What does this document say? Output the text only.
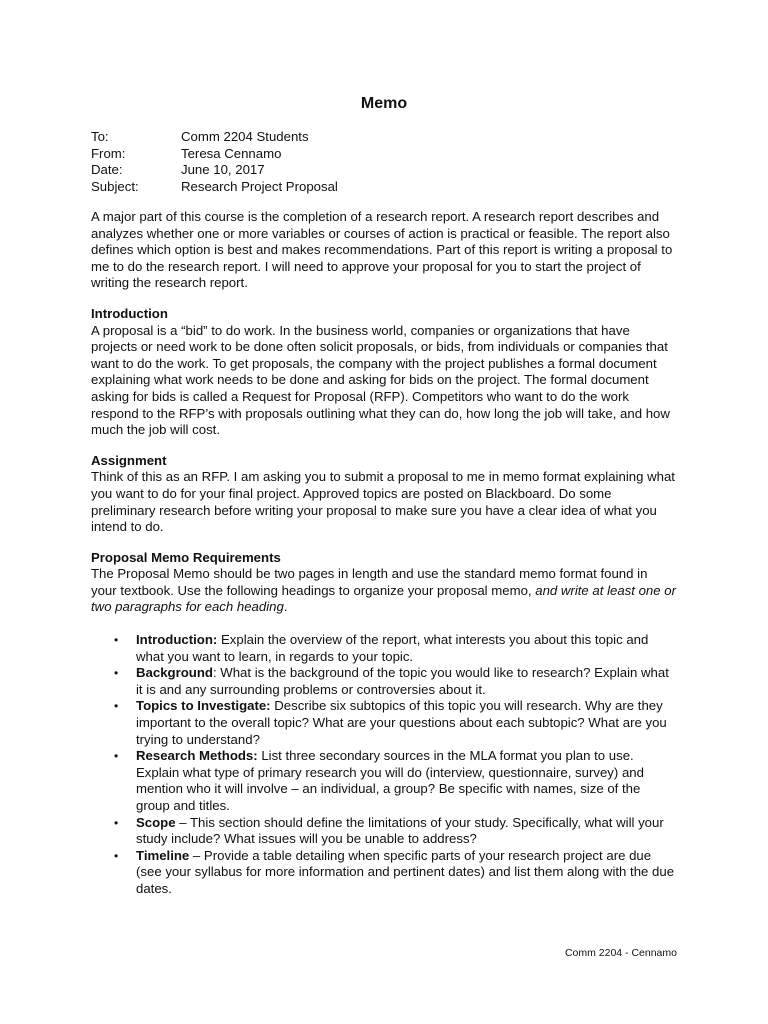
Memo
To:	Comm 2204 Students
From:	Teresa Cennamo
Date:	June 10, 2017
Subject:	Research Project Proposal

A major part of this course is the completion of a research report. A research report describes and analyzes whether one or more variables or courses of action is practical or feasible. The report also defines which option is best and makes recommendations. Part of this report is writing a proposal to me to do the research report. I will need to approve your proposal for you to start the project of writing the research report.

Introduction

A proposal is a “bid” to do work. In the business world, companies or organizations that have projects or need work to be done often solicit proposals, or bids, from individuals or companies that want to do the work. To get proposals, the company with the project publishes a formal document explaining what work needs to be done and asking for bids on the project. The formal document asking for bids is called a Request for Proposal (RFP). Competitors who want to do the work respond to the RFP’s with proposals outlining what they can do, how long the job will take, and how much the job will cost.

Assignment

Think of this as an RFP. I am asking you to submit a proposal to me in memo format explaining what you want to do for your final project. Approved topics are posted on Blackboard. Do some preliminary research before writing your proposal to make sure you have a clear idea of what you intend to do.

Proposal Memo Requirements

The Proposal Memo should be two pages in length and use the standard memo format found in your textbook. Use the following headings to organize your proposal memo, and write at least one or two paragraphs for each heading.

• Introduction: Explain the overview of the report, what interests you about this topic and what you want to learn, in regards to your topic.
• Background: What is the background of the topic you would like to research? Explain what it is and any surrounding problems or controversies about it.
• Topics to Investigate: Describe six subtopics of this topic you will research. Why are they important to the overall topic? What are your questions about each subtopic? What are you trying to understand?
• Research Methods: List three secondary sources in the MLA format you plan to use. Explain what type of primary research you will do (interview, questionnaire, survey) and mention who it will involve – an individual, a group? Be specific with names, size of the group and titles.
• Scope – This section should define the limitations of your study. Specifically, what will your study include? What issues will you be unable to address?
• Timeline – Provide a table detailing when specific parts of your research project are due (see your syllabus for more information and pertinent dates) and list them along with the due dates.
Comm 2204 - Cennamo
